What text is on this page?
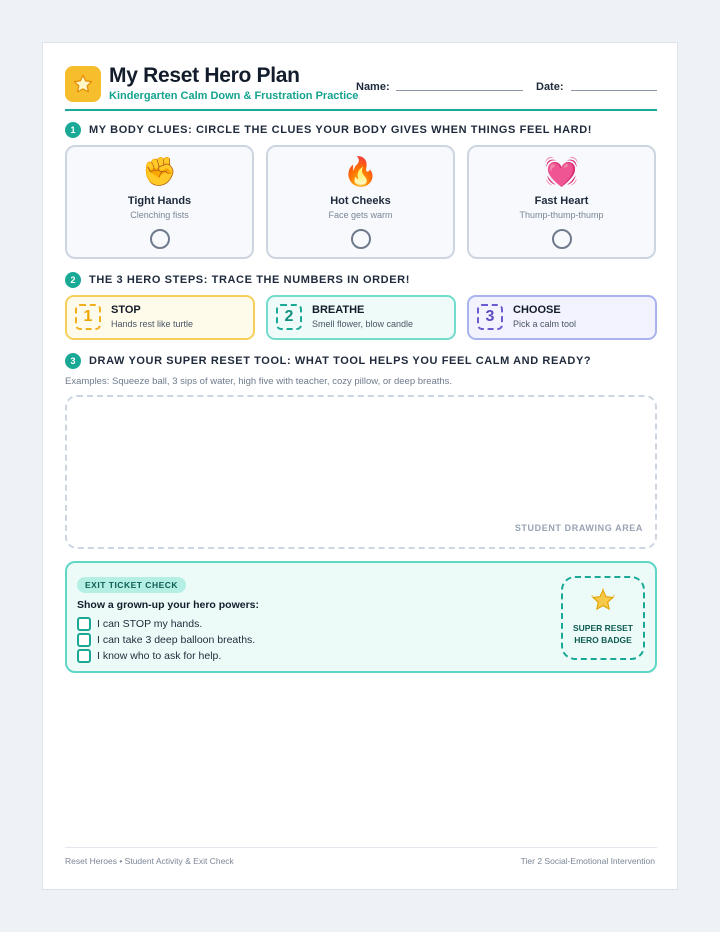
My Reset Hero Plan
Kindergarten Calm Down & Frustration Practice
Name:	Date:
1	MY BODY CLUES: CIRCLE THE CLUES YOUR BODY GIVES WHEN THINGS FEEL HARD!
✊
Tight Hands
Clenching fists
🔥
Hot Cheeks
Face gets warm
💓
Fast Heart
Thump-thump-thump
2	THE 3 HERO STEPS: TRACE THE NUMBERS IN ORDER!
1	STOP
Hands rest like turtle	2	BREATHE
Smell flower, blow candle	3	CHOOSE
Pick a calm tool
3	DRAW YOUR SUPER RESET TOOL: WHAT TOOL HELPS YOU FEEL CALM AND READY?
Examples: Squeeze ball, 3 sips of water, high five with teacher, cozy pillow, or deep breaths.
STUDENT DRAWING AREA
EXIT TICKET CHECK
Show a grown-up your hero powers:
I can STOP my hands.
I can take 3 deep balloon breaths.
I know who to ask for help.
SUPER RESET
HERO BADGE
Reset Heroes • Student Activity & Exit Check	Tier 2 Social-Emotional Intervention
